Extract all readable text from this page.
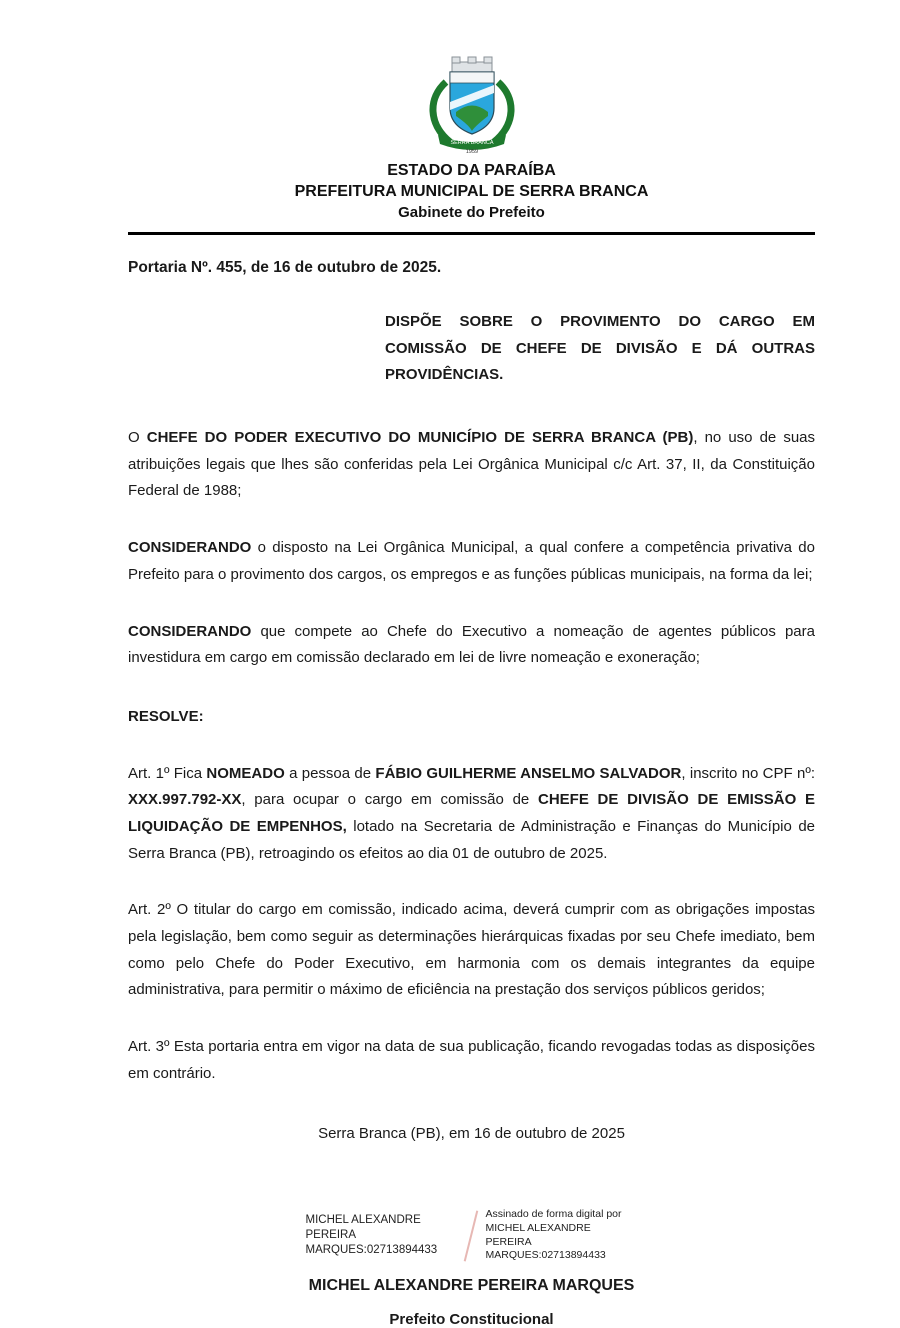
SERRA BRANCA
1959
ESTADO DA PARAÍBA
PREFEITURA MUNICIPAL DE SERRA BRANCA
Gabinete do Prefeito
Portaria Nº. 455, de 16 de outubro de 2025.
DISPÕE SOBRE O PROVIMENTO DO CARGO EM COMISSÃO DE CHEFE DE DIVISÃO E DÁ OUTRAS PROVIDÊNCIAS.

O CHEFE DO PODER EXECUTIVO DO MUNICÍPIO DE SERRA BRANCA (PB), no uso de suas atribuições legais que lhes são conferidas pela Lei Orgânica Municipal c/c Art. 37, II, da Constituição Federal de 1988;

CONSIDERANDO o disposto na Lei Orgânica Municipal, a qual confere a competência privativa do Prefeito para o provimento dos cargos, os empregos e as funções públicas municipais, na forma da lei;

CONSIDERANDO que compete ao Chefe do Executivo a nomeação de agentes públicos para investidura em cargo em comissão declarado em lei de livre nomeação e exoneração;

RESOLVE:

Art. 1º Fica NOMEADO a pessoa de FÁBIO GUILHERME ANSELMO SALVADOR, inscrito no CPF nº: XXX.997.792-XX, para ocupar o cargo em comissão de CHEFE DE DIVISÃO DE EMISSÃO E LIQUIDAÇÃO DE EMPENHOS, lotado na Secretaria de Administração e Finanças do Município de Serra Branca (PB), retroagindo os efeitos ao dia 01 de outubro de 2025.

Art. 2º O titular do cargo em comissão, indicado acima, deverá cumprir com as obrigações impostas pela legislação, bem como seguir as determinações hierárquicas fixadas por seu Chefe imediato, bem como pelo Chefe do Poder Executivo, em harmonia com os demais integrantes da equipe administrativa, para permitir o máximo de eficiência na prestação dos serviços públicos geridos;

Art. 3º Esta portaria entra em vigor na data de sua publicação, ficando revogadas todas as disposições em contrário.

Serra Branca (PB), em 16 de outubro de 2025
MICHEL ALEXANDRE PEREIRA MARQUES:02713894433
Assinado de forma digital por MICHEL ALEXANDRE PEREIRA MARQUES:02713894433
MICHEL ALEXANDRE PEREIRA MARQUES
Prefeito Constitucional
